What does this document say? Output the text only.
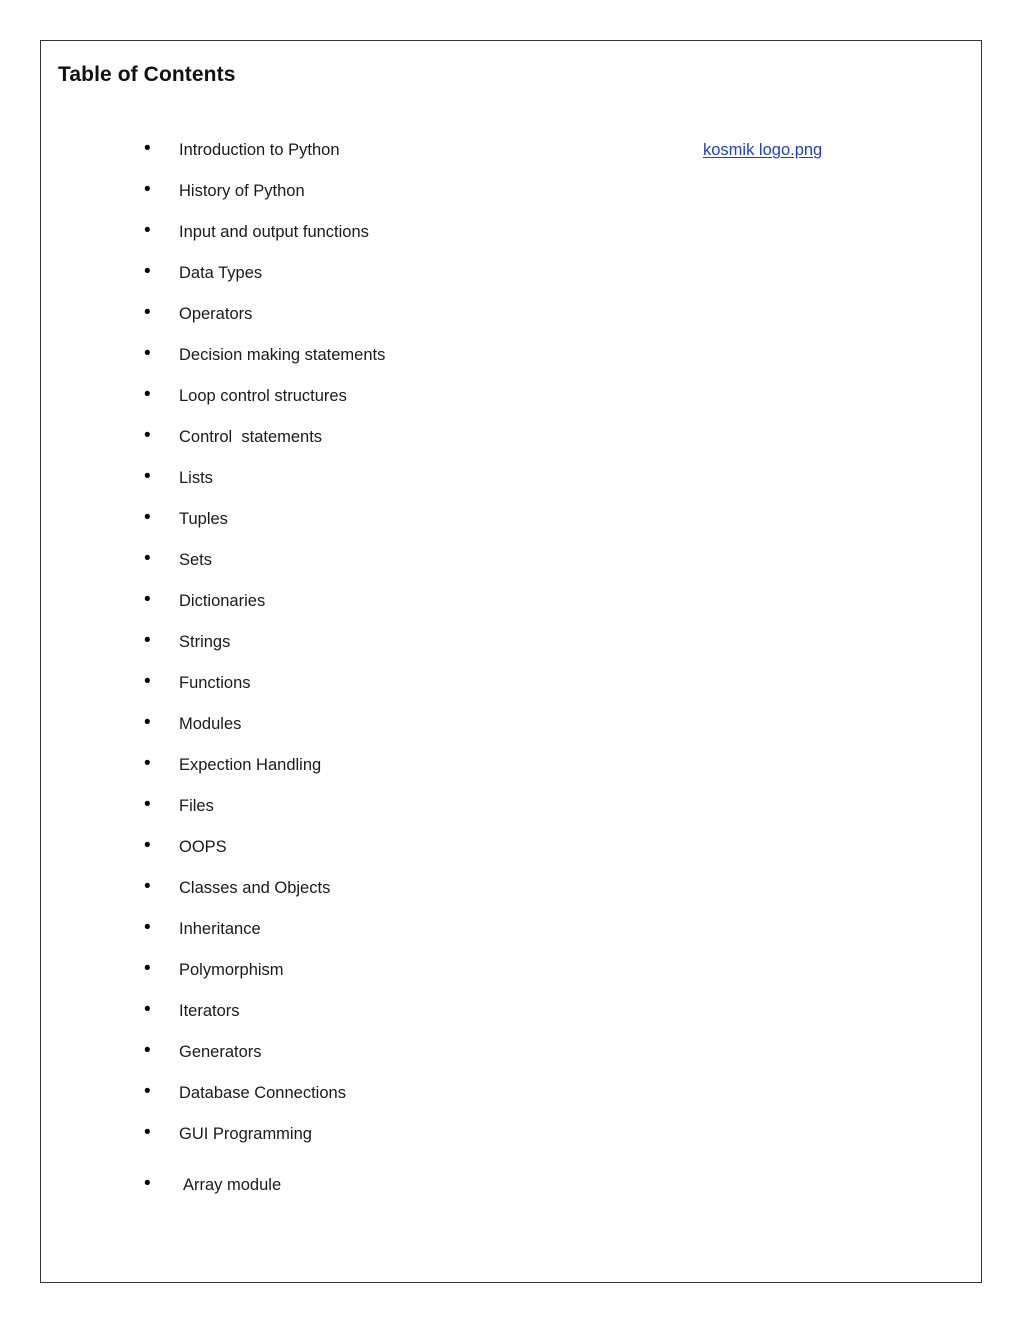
Table of Contents
kosmik logo.png

•

Introduction to Python

•

History of Python

•

Input and output functions

•

Data Types

•

Operators

•

Decision making statements

•

Loop control structures

•

Control  statements

•

Lists

•

Tuples

•

Sets

•

Dictionaries

•

Strings

•

Functions

•

Modules

•

Expection Handling

•

Files

•

OOPS

•

Classes and Objects

•

Inheritance

•

Polymorphism

•

Iterators

•

Generators

•

Database Connections

•

GUI Programming

•

Array module
